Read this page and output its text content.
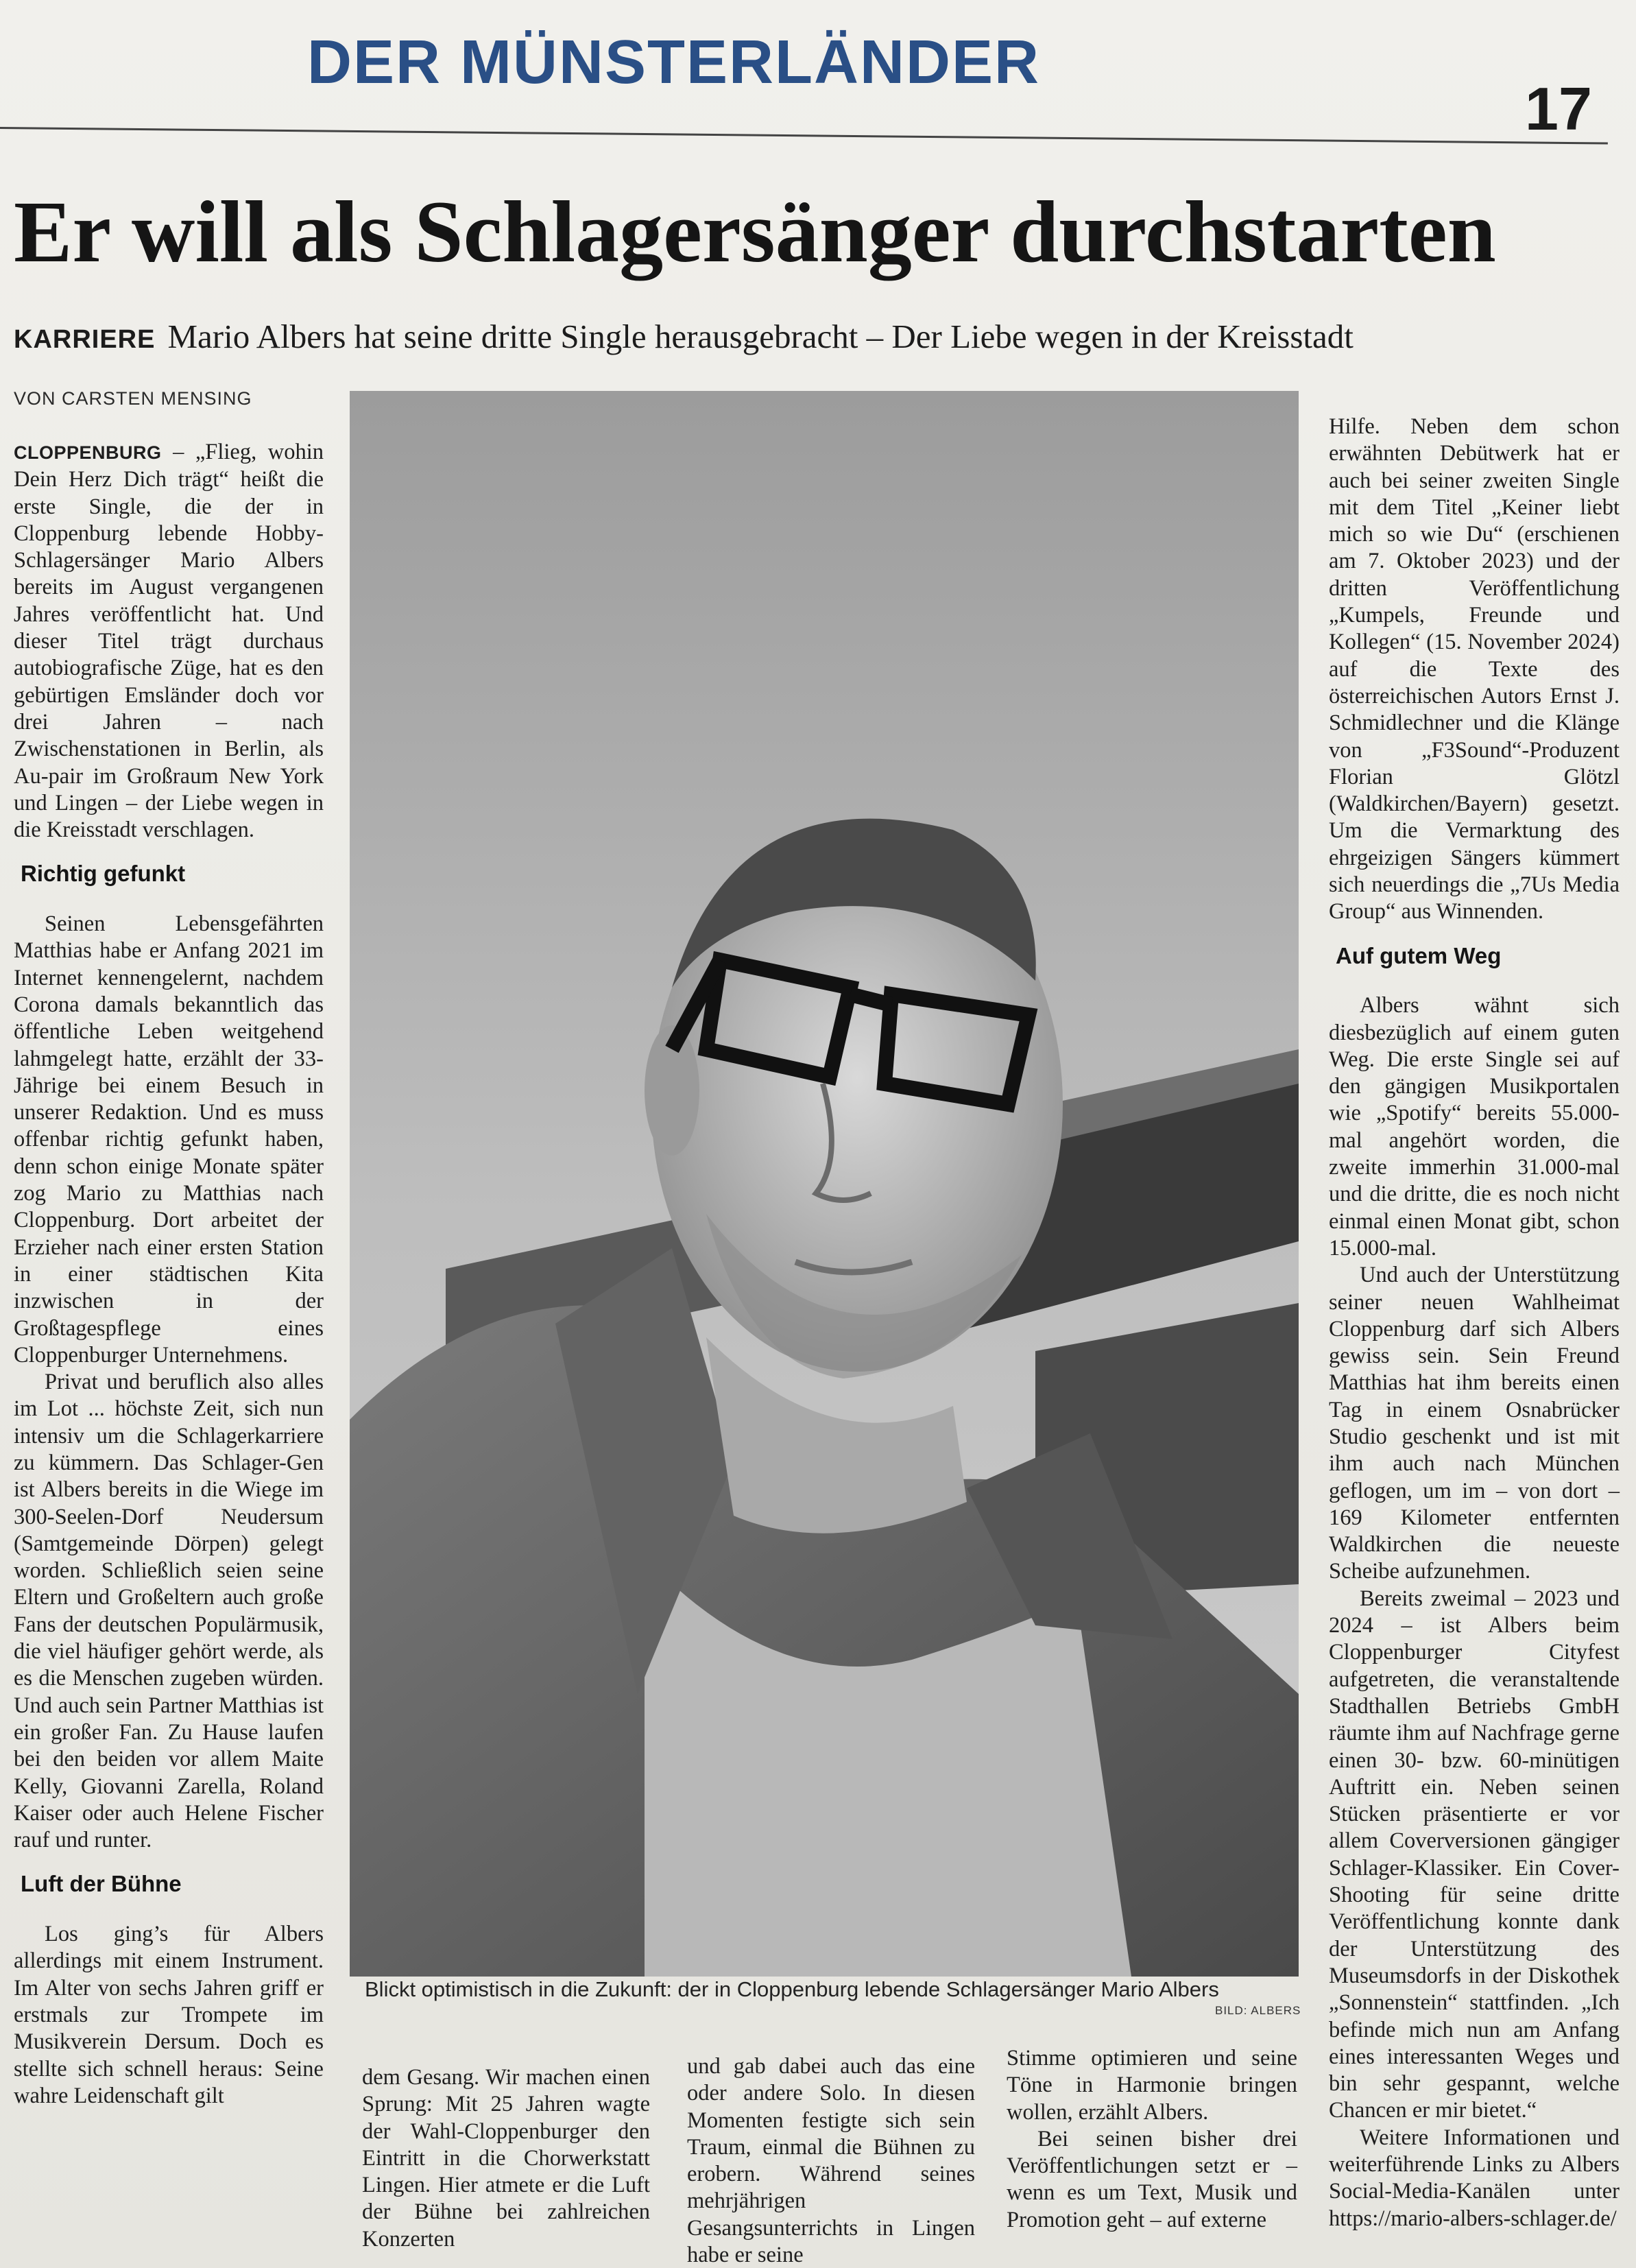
DER MÜNSTERLÄNDER
17
Er will als Schlagersänger durchstarten
KARRIERE Mario Albers hat seine dritte Single herausgebracht – Der Liebe wegen in der Kreisstadt
VON CARSTEN MENSING

CLOPPENBURG – „Flieg, wohin Dein Herz Dich trägt“ heißt die erste Single, die der in Cloppenburg lebende Hobby-Schlagersänger Mario Albers bereits im August vergangenen Jahres veröffentlicht hat. Und dieser Titel trägt durchaus autobiografische Züge, hat es den gebürtigen Emsländer doch vor drei Jahren – nach Zwischenstationen in Berlin, als Au-pair im Großraum New York und Lingen – der Liebe wegen in die Kreisstadt verschlagen.

Richtig gefunkt

Seinen Lebensgefährten Matthias habe er Anfang 2021 im Internet kennengelernt, nachdem Corona damals bekanntlich das öffentliche Leben weitgehend lahmgelegt hatte, erzählt der 33-Jährige bei einem Besuch in unserer Redaktion. Und es muss offenbar richtig gefunkt haben, denn schon einige Monate später zog Mario zu Matthias nach Cloppenburg. Dort arbeitet der Erzieher nach einer ersten Station in einer städtischen Kita inzwischen in der Großtagespflege eines Cloppenburger Unternehmens.

Privat und beruflich also alles im Lot ... höchste Zeit, sich nun intensiv um die Schlagerkarriere zu kümmern. Das Schlager-Gen ist Albers bereits in die Wiege im 300-Seelen-Dorf Neudersum (Samtgemeinde Dörpen) gelegt worden. Schließlich seien seine Eltern und Großeltern auch große Fans der deutschen Populärmusik, die viel häufiger gehört werde, als es die Menschen zugeben würden. Und auch sein Partner Matthias ist ein großer Fan. Zu Hause laufen bei den beiden vor allem Maite Kelly, Giovanni Zarella, Roland Kaiser oder auch Helene Fischer rauf und runter.

Luft der Bühne

Los ging’s für Albers allerdings mit einem Instrument. Im Alter von sechs Jahren griff er erstmals zur Trompete im Musikverein Dersum. Doch es stellte sich schnell heraus: Seine wahre Leidenschaft gilt

Blickt optimistisch in die Zukunft: der in Cloppenburg lebende Schlagersänger Mario Albers
BILD: ALBERS

Hilfe. Neben dem schon erwähnten Debütwerk hat er auch bei seiner zweiten Single mit dem Titel „Keiner liebt mich so wie Du“ (erschienen am 7. Oktober 2023) und der dritten Veröffentlichung „Kumpels, Freunde und Kollegen“ (15. November 2024) auf die Texte des österreichischen Autors Ernst J. Schmidlechner und die Klänge von „F3Sound“-Produzent Florian Glötzl (Waldkirchen/Bayern) gesetzt. Um die Vermarktung des ehrgeizigen Sängers kümmert sich neuerdings die „7Us Media Group“ aus Winnenden.

Auf gutem Weg

Albers wähnt sich diesbezüglich auf einem guten Weg. Die erste Single sei auf den gängigen Musikportalen wie „Spotify“ bereits 55.000-mal angehört worden, die zweite immerhin 31.000-mal und die dritte, die es noch nicht einmal einen Monat gibt, schon 15.000-mal.

Und auch der Unterstützung seiner neuen Wahlheimat Cloppenburg darf sich Albers gewiss sein. Sein Freund Matthias hat ihm bereits einen Tag in einem Osnabrücker Studio geschenkt und ist mit ihm auch nach München geflogen, um im – von dort – 169 Kilometer entfernten Waldkirchen die neueste Scheibe aufzunehmen.

Bereits zweimal – 2023 und 2024 – ist Albers beim Cloppenburger Cityfest aufgetreten, die veranstaltende Stadthallen Betriebs GmbH räumte ihm auf Nachfrage gerne einen 30- bzw. 60-minütigen Auftritt ein. Neben seinen Stücken präsentierte er vor allem Coverversionen gängiger Schlager-Klassiker. Ein Cover-Shooting für seine dritte Veröffentlichung konnte dank der Unterstützung des Museumsdorfs in der Diskothek „Sonnenstein“ stattfinden. „Ich befinde mich nun am Anfang eines interessanten Weges und bin sehr gespannt, welche Chancen er mir bietet.“

Weitere Informationen und weiterführende Links zu Albers Social-Media-Kanälen unter https://mario-albers-schlager.de/

dem Gesang. Wir machen einen Sprung: Mit 25 Jahren wagte der Wahl-Cloppenburger den Eintritt in die Chorwerkstatt Lingen. Hier atmete er die Luft der Bühne bei zahlreichen Konzerten

und gab dabei auch das eine oder andere Solo. In diesen Momenten festigte sich sein Traum, einmal die Bühnen zu erobern. Während seines mehrjährigen Gesangsunterrichts in Lingen habe er seine

Stimme optimieren und seine Töne in Harmonie bringen wollen, erzählt Albers.

Bei seinen bisher drei Veröffentlichungen setzt er – wenn es um Text, Musik und Promotion geht – auf externe
